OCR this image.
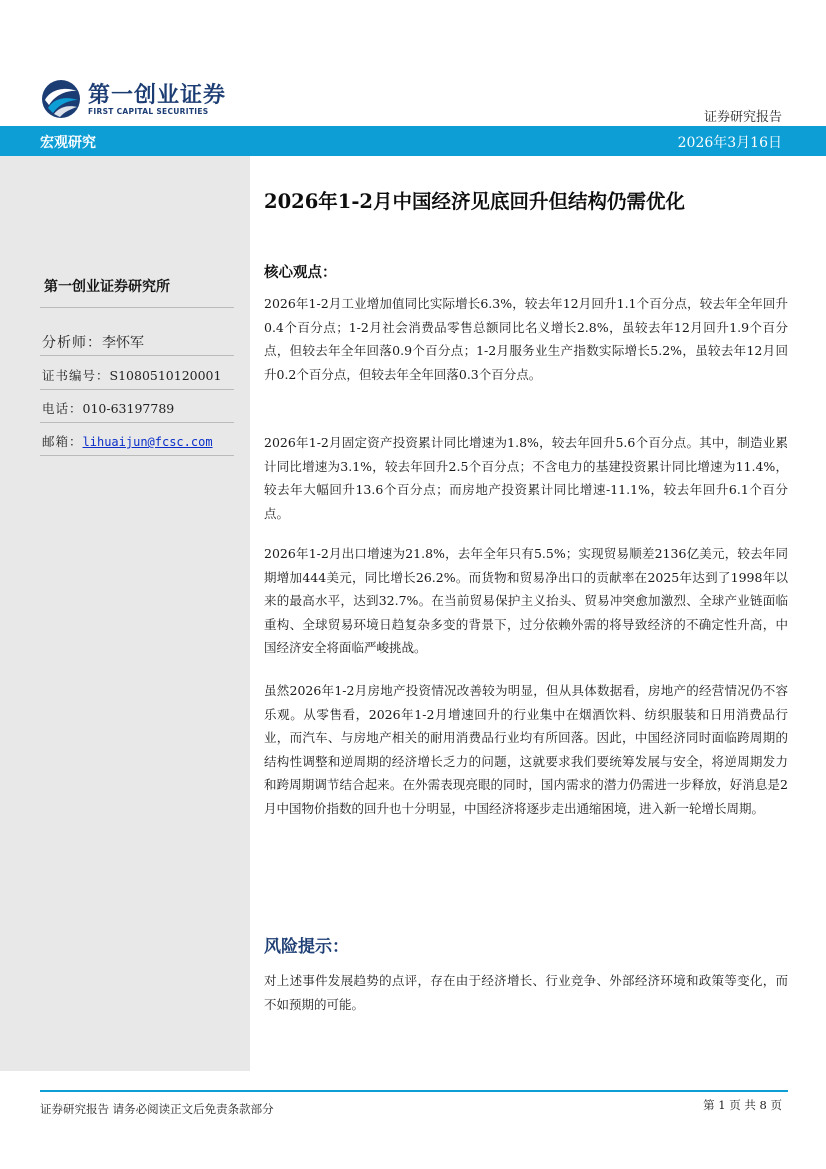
第一创业证券
FIRST CAPITAL SECURITIES	证券研究报告
宏观研究	2026年3月16日
第一创业证券研究所
分析师：李怀军
证书编号：S1080510120001
电话：010-63197789
邮箱：lihuaijun@fcsc.com
2026年1-2月中国经济见底回升但结构仍需优化
核心观点：

2026年1-2月工业增加值同比实际增长6.3%，较去年12月回升1.1个百分点，较去年全年回升0.4个百分点；1-2月社会消费品零售总额同比名义增长2.8%，虽较去年12月回升1.9个百分点，但较去年全年回落0.9个百分点；1-2月服务业生产指数实际增长5.2%，虽较去年12月回升0.2个百分点，但较去年全年回落0.3个百分点。

2026年1-2月固定资产投资累计同比增速为1.8%，较去年回升5.6个百分点。其中，制造业累计同比增速为3.1%，较去年回升2.5个百分点；不含电力的基建投资累计同比增速为11.4%，较去年大幅回升13.6个百分点；而房地产投资累计同比增速-11.1%，较去年回升6.1个百分点。

2026年1-2月出口增速为21.8%，去年全年只有5.5%；实现贸易顺差2136亿美元，较去年同期增加444美元，同比增长26.2%。而货物和贸易净出口的贡献率在2025年达到了1998年以来的最高水平，达到32.7%。在当前贸易保护主义抬头、贸易冲突愈加激烈、全球产业链面临重构、全球贸易环境日趋复杂多变的背景下，过分依赖外需的将导致经济的不确定性升高，中国经济安全将面临严峻挑战。

虽然2026年1-2月房地产投资情况改善较为明显，但从具体数据看，房地产的经营情况仍不容乐观。从零售看，2026年1-2月增速回升的行业集中在烟酒饮料、纺织服装和日用消费品行业，而汽车、与房地产相关的耐用消费品行业均有所回落。因此，中国经济同时面临跨周期的结构性调整和逆周期的经济增长乏力的问题，这就要求我们要统筹发展与安全，将逆周期发力和跨周期调节结合起来。在外需表现亮眼的同时，国内需求的潜力仍需进一步释放，好消息是2月中国物价指数的回升也十分明显，中国经济将逐步走出通缩困境，进入新一轮增长周期。

风险提示：

对上述事件发展趋势的点评，存在由于经济增长、行业竞争、外部经济环境和政策等变化，而不如预期的可能。

证券研究报告 请务必阅读正文后免责条款部分	第 1 页 共 8 页
